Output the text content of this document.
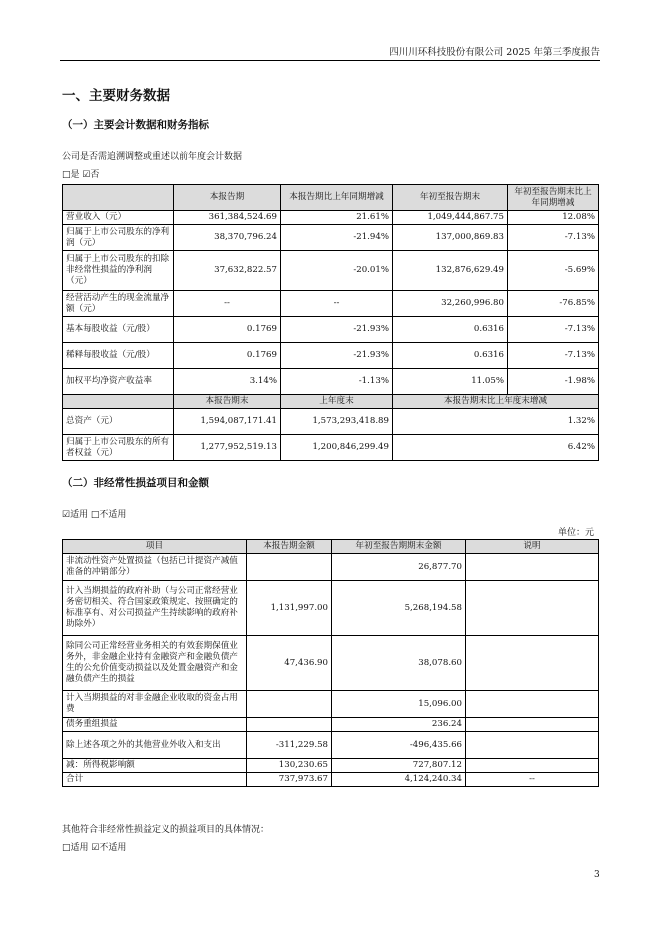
四川川环科技股份有限公司 2025 年第三季度报告
一、主要财务数据
（一）主要会计数据和财务指标
公司是否需追溯调整或重述以前年度会计数据
□是 ☑否
	本报告期	本报告期比上年同期增减	年初至报告期末	年初至报告期末比上年同期增减
营业收入（元）	361,384,524.69	21.61%	1,049,444,867.75	12.08%
归属于上市公司股东的净利润（元）	38,370,796.24	-21.94%	137,000,869.83	-7.13%
归属于上市公司股东的扣除非经常性损益的净利润（元）	37,632,822.57	-20.01%	132,876,629.49	-5.69%
经营活动产生的现金流量净额（元）	--	--	32,260,996.80	-76.85%
基本每股收益（元/股）	0.1769	-21.93%	0.6316	-7.13%
稀释每股收益（元/股）	0.1769	-21.93%	0.6316	-7.13%
加权平均净资产收益率	3.14%	-1.13%	11.05%	-1.98%
	本报告期末	上年度末	本报告期末比上年度末增减	
总资产（元）	1,594,087,171.41	1,573,293,418.89	1.32%	
归属于上市公司股东的所有者权益（元）	1,277,952,519.13	1,200,846,299.49	6.42%	
（二）非经常性损益项目和金额
☑适用 □不适用
单位：元
项目	本报告期金额	年初至报告期期末金额	说明
非流动性资产处置损益（包括已计提资产减值准备的冲销部分）		26,877.70	
计入当期损益的政府补助（与公司正常经营业务密切相关、符合国家政策规定、按照确定的标准享有、对公司损益产生持续影响的政府补助除外）	1,131,997.00	5,268,194.58	
除同公司正常经营业务相关的有效套期保值业务外，非金融企业持有金融资产和金融负债产生的公允价值变动损益以及处置金融资产和金融负债产生的损益	47,436.90	38,078.60	
计入当期损益的对非金融企业收取的资金占用费		15,096.00	
债务重组损益		236.24	
除上述各项之外的其他营业外收入和支出	-311,229.58	-496,435.66	
减：所得税影响额	130,230.65	727,807.12	
合计	737,973.67	4,124,240.34	--
其他符合非经常性损益定义的损益项目的具体情况：
□适用 ☑不适用
3
